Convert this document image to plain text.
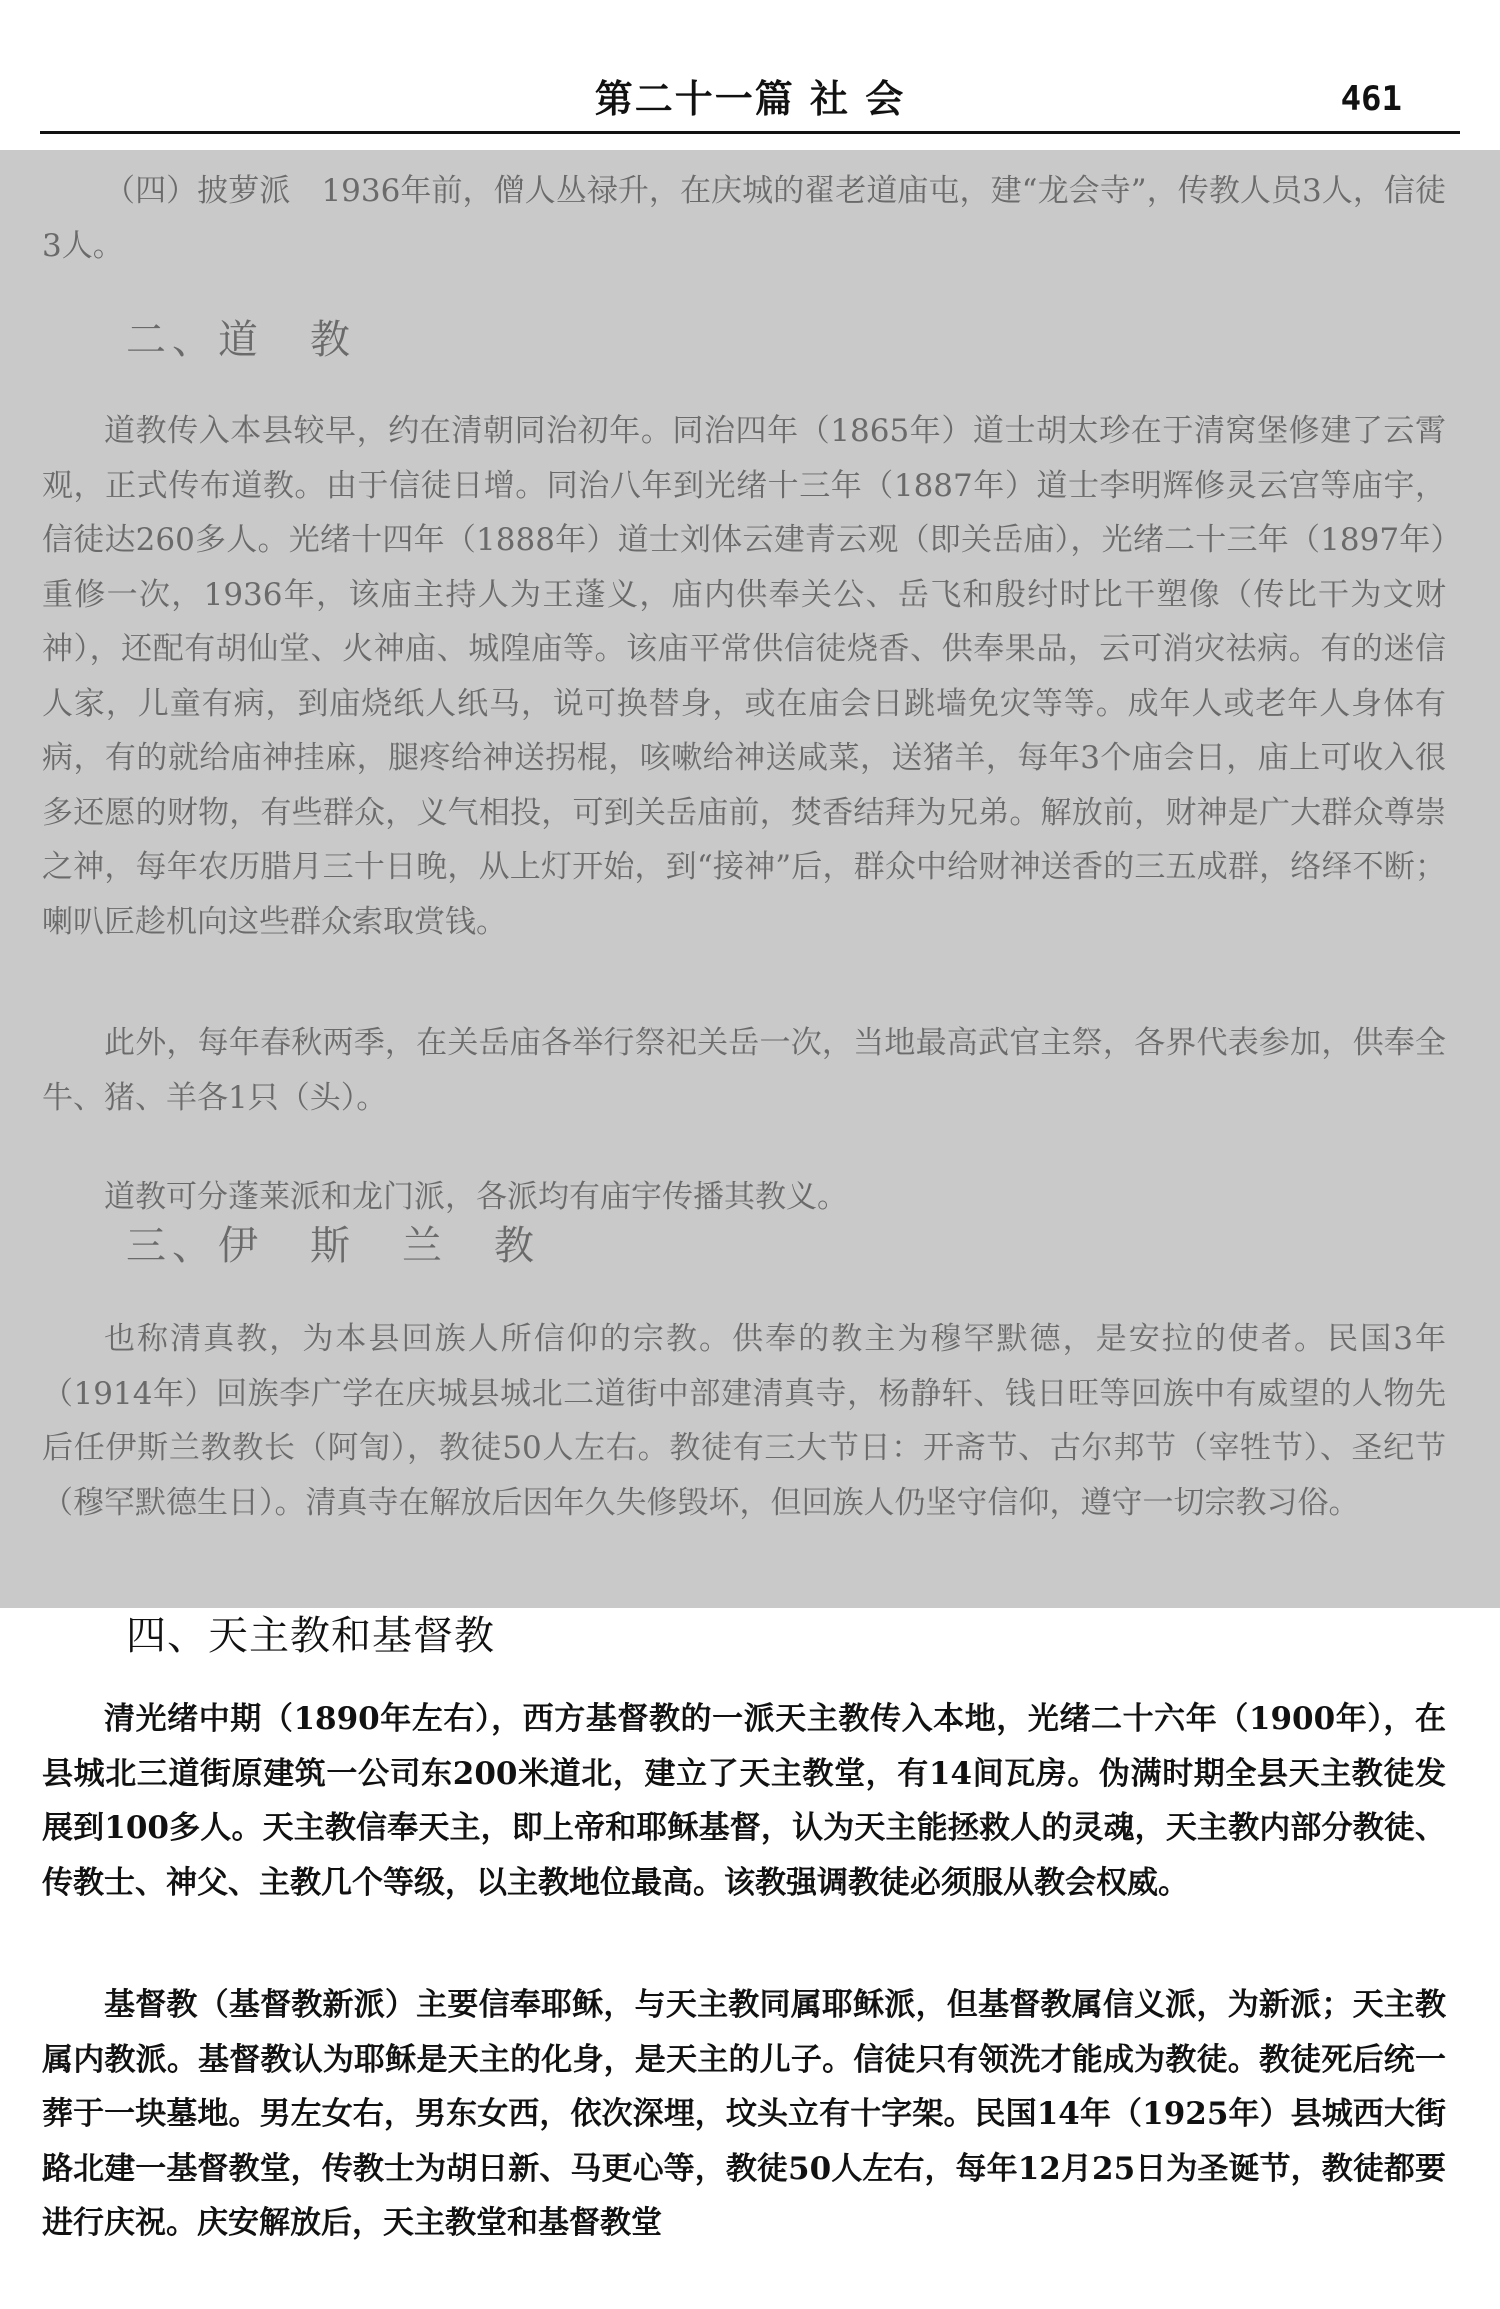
第二十一篇 社 会	461

（四）披萝派　1936年前，僧人丛禄升，在庆城的翟老道庙屯，建“龙会寺”，传教人员3人，信徒3人。

二、道　教

道教传入本县较早，约在清朝同治初年。同治四年（1865年）道士胡太珍在于清窝堡修建了云霄观，正式传布道教。由于信徒日增。同治八年到光绪十三年（1887年）道士李明辉修灵云宫等庙宇，信徒达260多人。光绪十四年（1888年）道士刘体云建青云观（即关岳庙），光绪二十三年（1897年）重修一次，1936年，该庙主持人为王蓬义，庙内供奉关公、岳飞和殷纣时比干塑像（传比干为文财神），还配有胡仙堂、火神庙、城隍庙等。该庙平常供信徒烧香、供奉果品，云可消灾祛病。有的迷信人家，儿童有病，到庙烧纸人纸马，说可换替身，或在庙会日跳墙免灾等等。成年人或老年人身体有病，有的就给庙神挂麻，腿疼给神送拐棍，咳嗽给神送咸菜，送猪羊，每年3个庙会日，庙上可收入很多还愿的财物，有些群众，义气相投，可到关岳庙前，焚香结拜为兄弟。解放前，财神是广大群众尊崇之神，每年农历腊月三十日晚，从上灯开始，到“接神”后，群众中给财神送香的三五成群，络绎不断；喇叭匠趁机向这些群众索取赏钱。

此外，每年春秋两季，在关岳庙各举行祭祀关岳一次，当地最高武官主祭，各界代表参加，供奉全牛、猪、羊各1只（头）。

道教可分蓬莱派和龙门派，各派均有庙宇传播其教义。

三、伊　斯　兰　教

也称清真教，为本县回族人所信仰的宗教。供奉的教主为穆罕默德，是安拉的使者。民国3年（1914年）回族李广学在庆城县城北二道街中部建清真寺，杨静轩、钱日旺等回族中有威望的人物先后任伊斯兰教教长（阿訇），教徒50人左右。教徒有三大节日：开斋节、古尔邦节（宰牲节）、圣纪节（穆罕默德生日）。清真寺在解放后因年久失修毁坏，但回族人仍坚守信仰，遵守一切宗教习俗。

四、天主教和基督教

清光绪中期（1890年左右），西方基督教的一派天主教传入本地，光绪二十六年（1900年），在县城北三道街原建筑一公司东200米道北，建立了天主教堂，有14间瓦房。伪满时期全县天主教徒发展到100多人。天主教信奉天主，即上帝和耶稣基督，认为天主能拯救人的灵魂，天主教内部分教徒、传教士、神父、主教几个等级，以主教地位最高。该教强调教徒必须服从教会权威。

基督教（基督教新派）主要信奉耶稣，与天主教同属耶稣派，但基督教属信义派，为新派；天主教属内教派。基督教认为耶稣是天主的化身，是天主的儿子。信徒只有领洗才能成为教徒。教徒死后统一葬于一块墓地。男左女右，男东女西，依次深埋，坟头立有十字架。民国14年（1925年）县城西大街路北建一基督教堂，传教士为胡日新、马更心等，教徒50人左右，每年12月25日为圣诞节，教徒都要进行庆祝。庆安解放后，天主教堂和基督教堂
